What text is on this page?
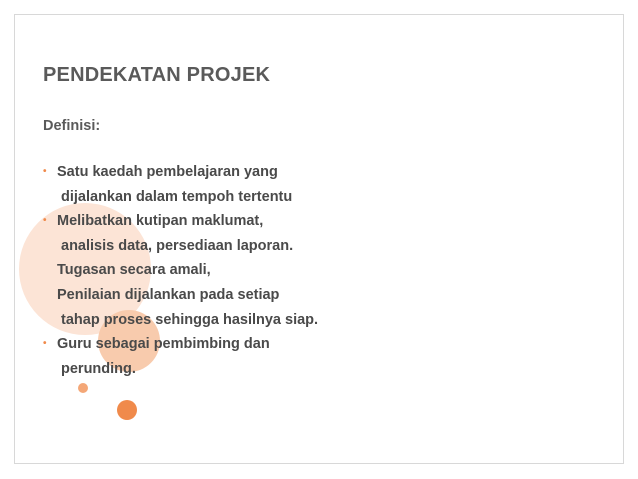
PENDEKATAN PROJEK
Definisi:
• Satu kaedah pembelajaran yang
dijalankan dalam tempoh tertentu
• Melibatkan kutipan maklumat,
analisis data, persediaan laporan.
Tugasan secara amali,
Penilaian dijalankan pada setiap
tahap proses sehingga hasilnya siap.
• Guru sebagai pembimbing dan
perunding.
